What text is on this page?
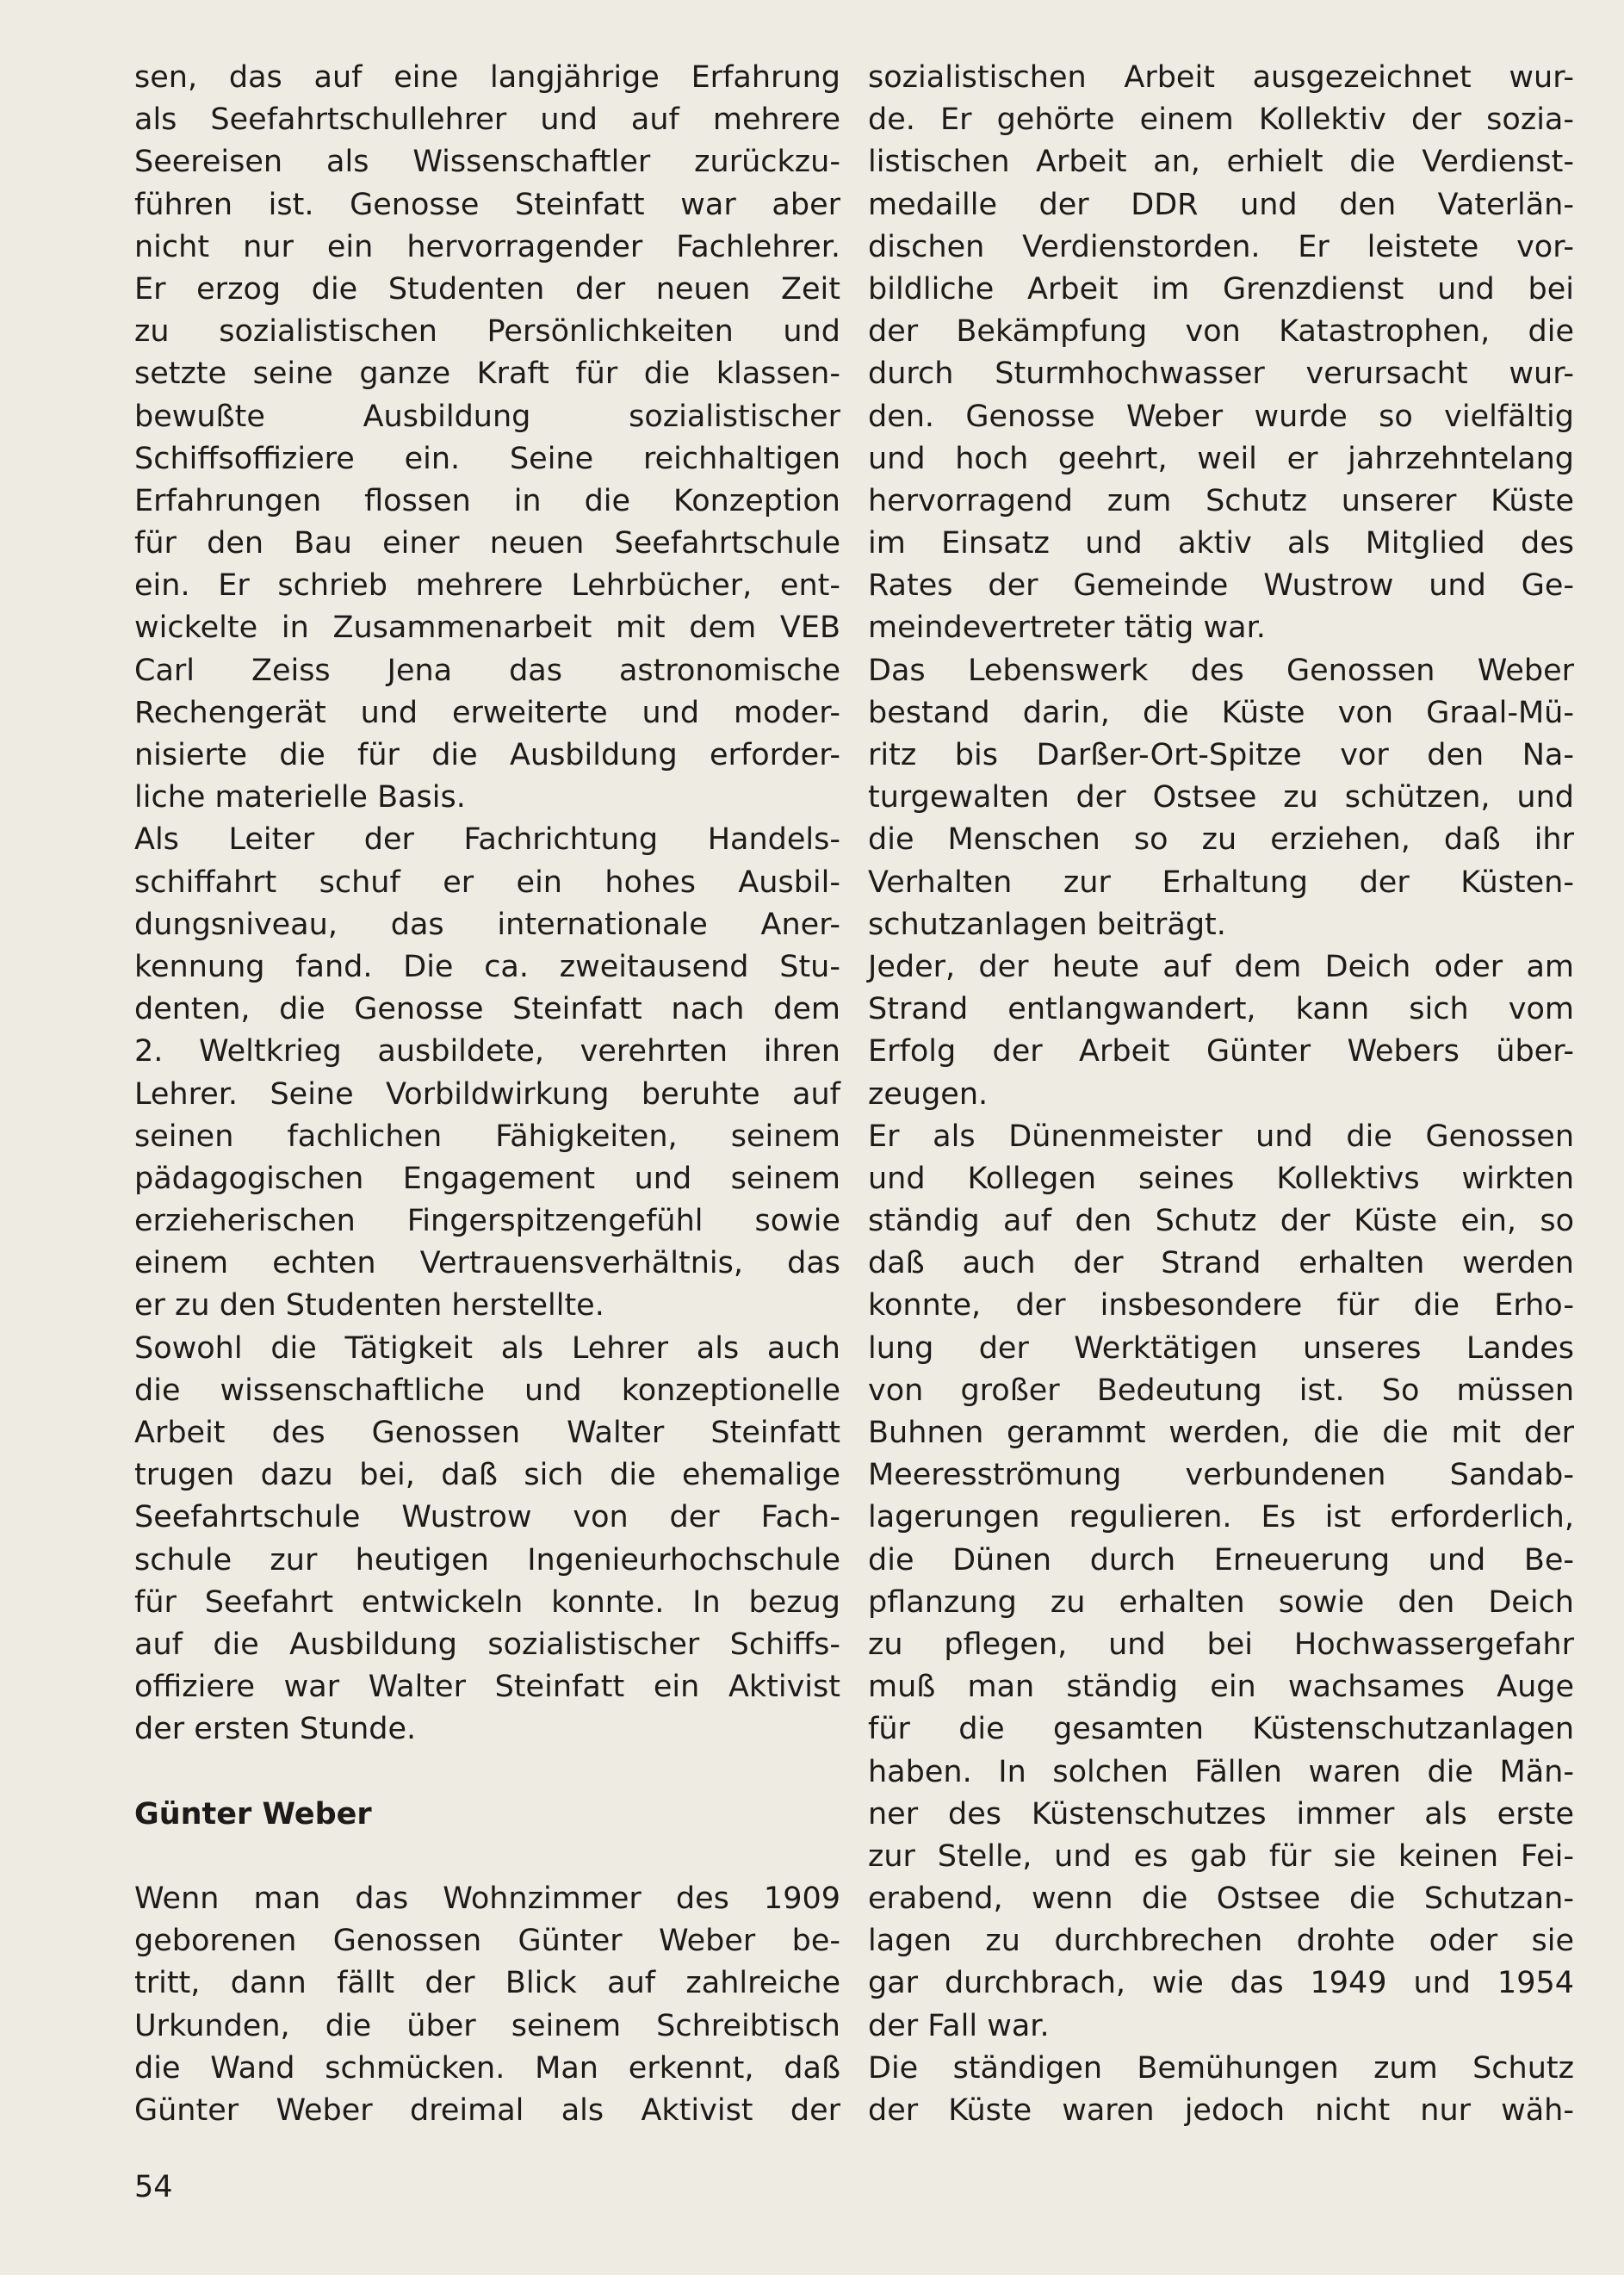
sen, das auf eine langjährige Erfahrung
als Seefahrtschullehrer und auf mehrere
Seereisen als Wissenschaftler zurückzu-
führen ist. Genosse Steinfatt war aber
nicht nur ein hervorragender Fachlehrer.
Er erzog die Studenten der neuen Zeit
zu sozialistischen Persönlichkeiten und
setzte seine ganze Kraft für die klassen-
bewußte Ausbildung sozialistischer
Schiffsoffiziere ein. Seine reichhaltigen
Erfahrungen flossen in die Konzeption
für den Bau einer neuen Seefahrtschule
ein. Er schrieb mehrere Lehrbücher, ent-
wickelte in Zusammenarbeit mit dem VEB
Carl Zeiss Jena das astronomische
Rechengerät und erweiterte und moder-
nisierte die für die Ausbildung erforder-
liche materielle Basis.
Als Leiter der Fachrichtung Handels-
schiffahrt schuf er ein hohes Ausbil-
dungsniveau, das internationale Aner-
kennung fand. Die ca. zweitausend Stu-
denten, die Genosse Steinfatt nach dem
2. Weltkrieg ausbildete, verehrten ihren
Lehrer. Seine Vorbildwirkung beruhte auf
seinen fachlichen Fähigkeiten, seinem
pädagogischen Engagement und seinem
erzieherischen Fingerspitzengefühl sowie
einem echten Vertrauensverhältnis, das
er zu den Studenten herstellte.
Sowohl die Tätigkeit als Lehrer als auch
die wissenschaftliche und konzeptionelle
Arbeit des Genossen Walter Steinfatt
trugen dazu bei, daß sich die ehemalige
Seefahrtschule Wustrow von der Fach-
schule zur heutigen Ingenieurhochschule
für Seefahrt entwickeln konnte. In bezug
auf die Ausbildung sozialistischer Schiffs-
offiziere war Walter Steinfatt ein Aktivist
der ersten Stunde.
Günter Weber
Wenn man das Wohnzimmer des 1909
geborenen Genossen Günter Weber be-
tritt, dann fällt der Blick auf zahlreiche
Urkunden, die über seinem Schreibtisch
die Wand schmücken. Man erkennt, daß
Günter Weber dreimal als Aktivist der
sozialistischen Arbeit ausgezeichnet wur-
de. Er gehörte einem Kollektiv der sozia-
listischen Arbeit an, erhielt die Verdienst-
medaille der DDR und den Vaterlän-
dischen Verdienstorden. Er leistete vor-
bildliche Arbeit im Grenzdienst und bei
der Bekämpfung von Katastrophen, die
durch Sturmhochwasser verursacht wur-
den. Genosse Weber wurde so vielfältig
und hoch geehrt, weil er jahrzehntelang
hervorragend zum Schutz unserer Küste
im Einsatz und aktiv als Mitglied des
Rates der Gemeinde Wustrow und Ge-
meindevertreter tätig war.
Das Lebenswerk des Genossen Weber
bestand darin, die Küste von Graal-Mü-
ritz bis Darßer-Ort-Spitze vor den Na-
turgewalten der Ostsee zu schützen, und
die Menschen so zu erziehen, daß ihr
Verhalten zur Erhaltung der Küsten-
schutzanlagen beiträgt.
Jeder, der heute auf dem Deich oder am
Strand entlangwandert, kann sich vom
Erfolg der Arbeit Günter Webers über-
zeugen.
Er als Dünenmeister und die Genossen
und Kollegen seines Kollektivs wirkten
ständig auf den Schutz der Küste ein, so
daß auch der Strand erhalten werden
konnte, der insbesondere für die Erho-
lung der Werktätigen unseres Landes
von großer Bedeutung ist. So müssen
Buhnen gerammt werden, die die mit der
Meeresströmung verbundenen Sandab-
lagerungen regulieren. Es ist erforderlich,
die Dünen durch Erneuerung und Be-
pflanzung zu erhalten sowie den Deich
zu pflegen, und bei Hochwassergefahr
muß man ständig ein wachsames Auge
für die gesamten Küstenschutzanlagen
haben. In solchen Fällen waren die Män-
ner des Küstenschutzes immer als erste
zur Stelle, und es gab für sie keinen Fei-
erabend, wenn die Ostsee die Schutzan-
lagen zu durchbrechen drohte oder sie
gar durchbrach, wie das 1949 und 1954
der Fall war.
Die ständigen Bemühungen zum Schutz
der Küste waren jedoch nicht nur wäh-
54
